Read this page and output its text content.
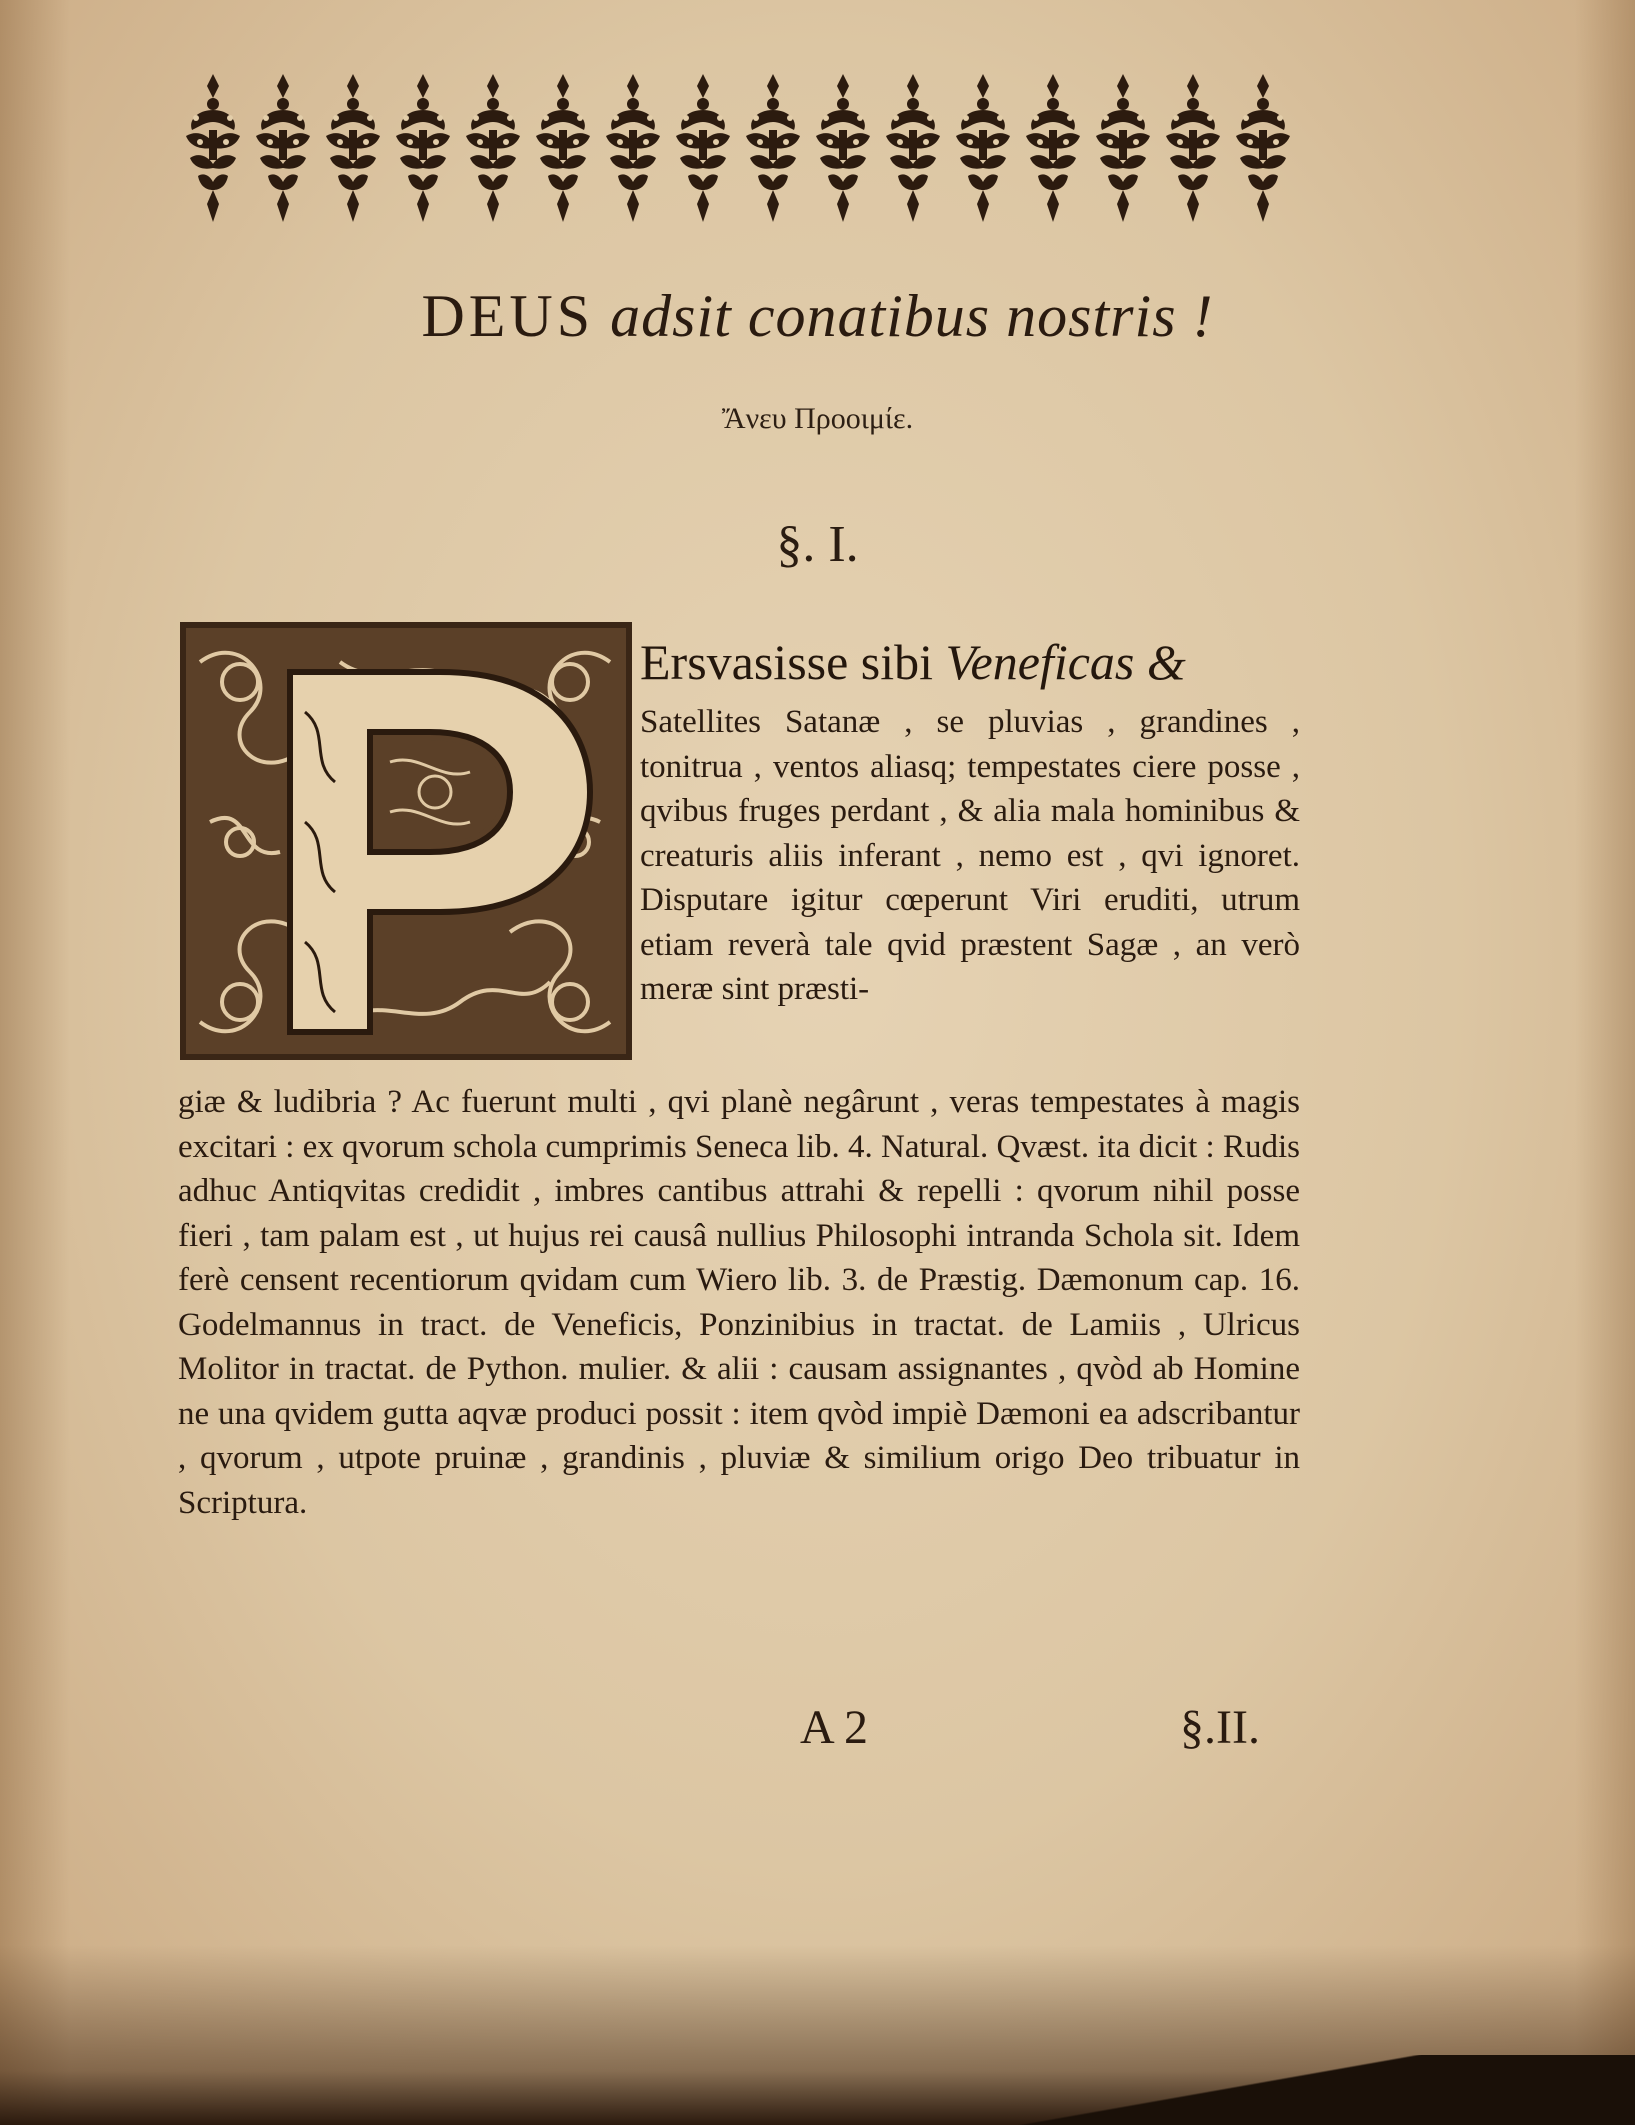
DEUS adsit conatibus nostris !
Ἄνευ Προοιμίε.
§. I.
Ersvasisse sibi Veneficas &
Satellites Satanæ , se pluvias , grandines , tonitrua , ventos aliasq; tempestates ciere posse , qvibus fruges perdant , & alia mala hominibus & creaturis aliis inferant , nemo est , qvi ignoret. Disputare igitur cœperunt Viri eruditi, utrum etiam reverà tale qvid præstent Sagæ , an verò meræ sint præsti-
giæ & ludibria ? Ac fuerunt multi , qvi planè negârunt , veras tempestates à magis excitari : ex qvorum schola cumprimis Seneca lib. 4. Natural. Qvæst. ita dicit : Rudis adhuc Antiqvitas credidit , imbres cantibus attrahi & repelli : qvorum nihil posse fieri , tam palam est , ut hujus rei causâ nullius Philosophi intranda Schola sit. Idem ferè censent recentiorum qvidam cum Wiero lib. 3. de Præstig. Dæmonum cap. 16. Godelmannus in tract. de Veneficis, Ponzinibius in tractat. de Lamiis , Ulricus Molitor in tractat. de Python. mulier. & alii : causam assignantes , qvòd ab Homine ne una qvidem gutta aqvæ produci possit : item qvòd impiè Dæmoni ea adscribantur , qvorum , utpote pruinæ , grandinis , pluviæ & similium origo Deo tribuatur in Scriptura.
A 2	§.II.
